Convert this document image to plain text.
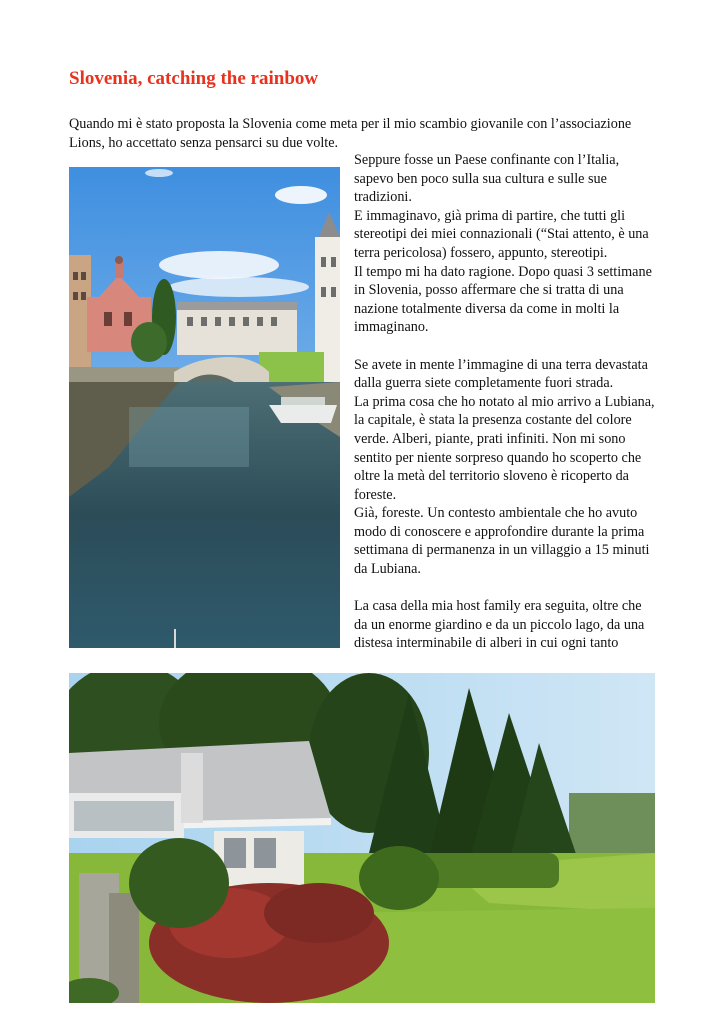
Slovenia, catching the rainbow

Quando mi è stato proposta la Slovenia come meta per il mio scambio giovanile con l’associazione Lions, ho accettato senza pensarci su due volte.

Seppure fosse un Paese confinante con l’Italia, sapevo ben poco sulla sua cultura e sulle sue tradizioni.

E immaginavo, già prima di partire, che tutti gli stereotipi dei miei connazionali (“Stai attento, è una terra pericolosa) fossero, appunto, stereotipi.

Il tempo mi ha dato ragione. Dopo quasi 3 settimane in Slovenia, posso affermare che si tratta di una nazione totalmente diversa da come in molti la immaginano.

Se avete in mente l’immagine di una terra devastata dalla guerra siete completamente fuori strada.

La prima cosa che ho notato al mio arrivo a Lubiana, la capitale, è stata la presenza costante del colore verde. Alberi, piante, prati infiniti. Non mi sono sentito per niente sorpreso quando ho scoperto che oltre la metà del territorio sloveno è ricoperto da foreste.

Già, foreste. Un contesto ambientale che ho avuto modo di conoscere e approfondire durante la prima settimana di permanenza in un villaggio a 15 minuti da Lubiana.

La casa della mia host family era seguita, oltre che da un enorme giardino e da un piccolo lago, da una distesa interminabile di alberi in cui ogni tanto
